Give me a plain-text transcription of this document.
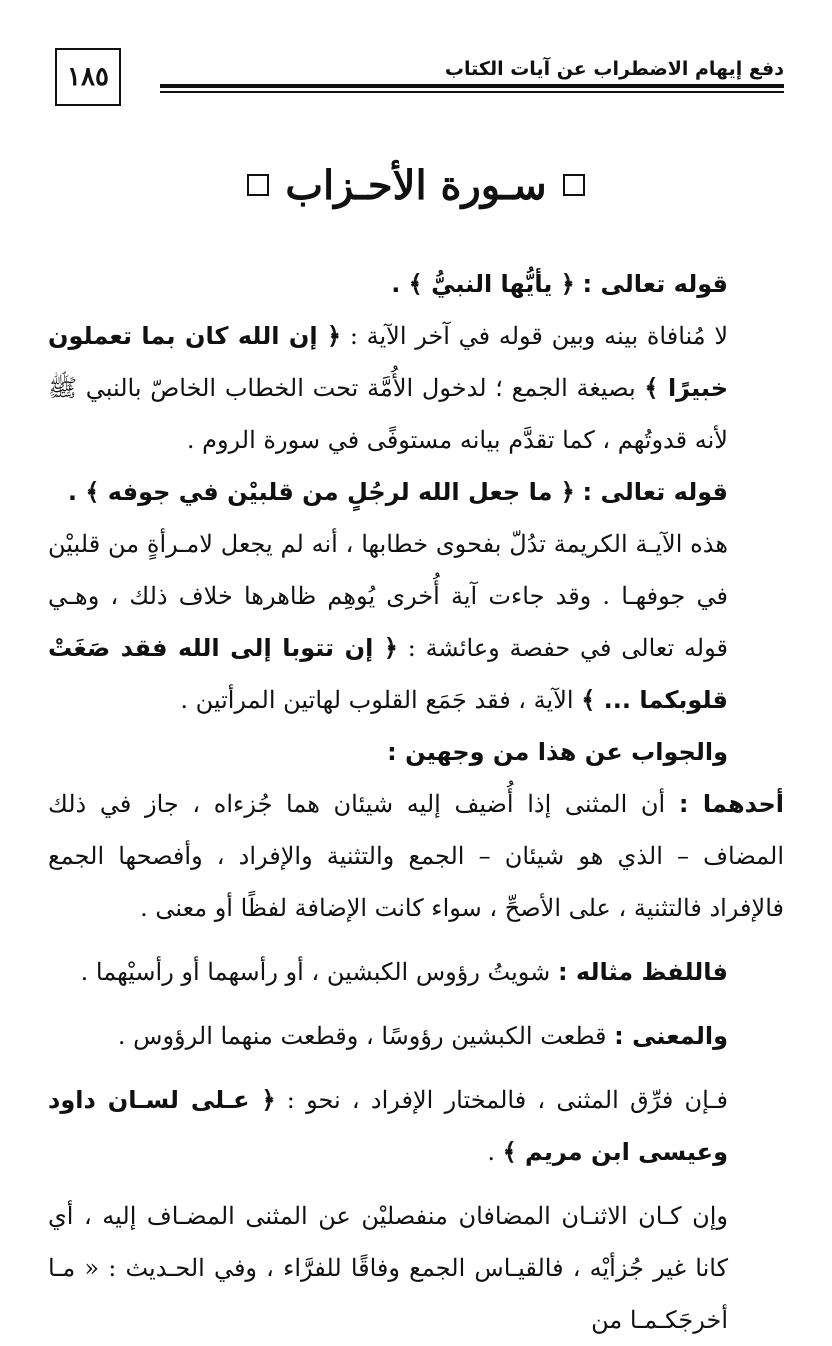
١٨٥	دفع إيهام الاضطراب عن آيات الكتاب
سـورة الأحـزاب

قوله تعالى : ﴿ يأيُّها النبيُّ ﴾ .

لا مُنافاة بينه وبين قوله في آخر الآية : ﴿ إن الله كان بما تعملون خبيرًا ﴾ بصيغة الجمع ؛ لدخول الأُمَّة تحت الخطاب الخاصّ بالنبي ﷺ لأنه قدوتُهم ، كما تقدَّم بيانه مستوفًى في سورة الروم .

قوله تعالى : ﴿ ما جعل الله لرجُلٍ من قلبيْن في جوفه ﴾ .

هذه الآيـة الكريمة تدُلّ بفحوى خطابها ، أنه لم يجعل لامـرأةٍ من قلبيْن في جوفهـا . وقد جاءت آية أُخرى يُوهِم ظاهرها خلاف ذلك ، وهـي قوله تعالى في حفصة وعائشة : ﴿ إن تتوبا إلى الله فقد صَغَتْ قلوبكما ... ﴾ الآية ، فقد جَمَع القلوب لهاتين المرأتين .

والجواب عن هذا من وجهين :

أحدهما : أن المثنى إذا أُضيف إليه شيئان هما جُزءاه ، جاز في ذلك المضاف – الذي هو شيئان – الجمع والتثنية والإفراد ، وأفصحها الجمع فالإفراد فالتثنية ، على الأصحِّ ، سواء كانت الإضافة لفظًا أو معنى .

فاللفظ مثاله : شويتُ رؤوس الكبشين ، أو رأسهما أو رأسيْهما .

والمعنى : قطعت الكبشين رؤوسًا ، وقطعت منهما الرؤوس .

فـإن فرِّق المثنى ، فالمختار الإفراد ، نحو : ﴿ عـلى لسـان داود وعيسى ابن مريم ﴾ .

وإن كـان الاثنـان المضافان منفصليْن عن المثنى المضـاف إليه ، أي كانا غير جُزأيْه ، فالقيـاس الجمع وفاقًا للفرَّاء ، وفي الحـديث : « مـا أخرجَكـمـا من
